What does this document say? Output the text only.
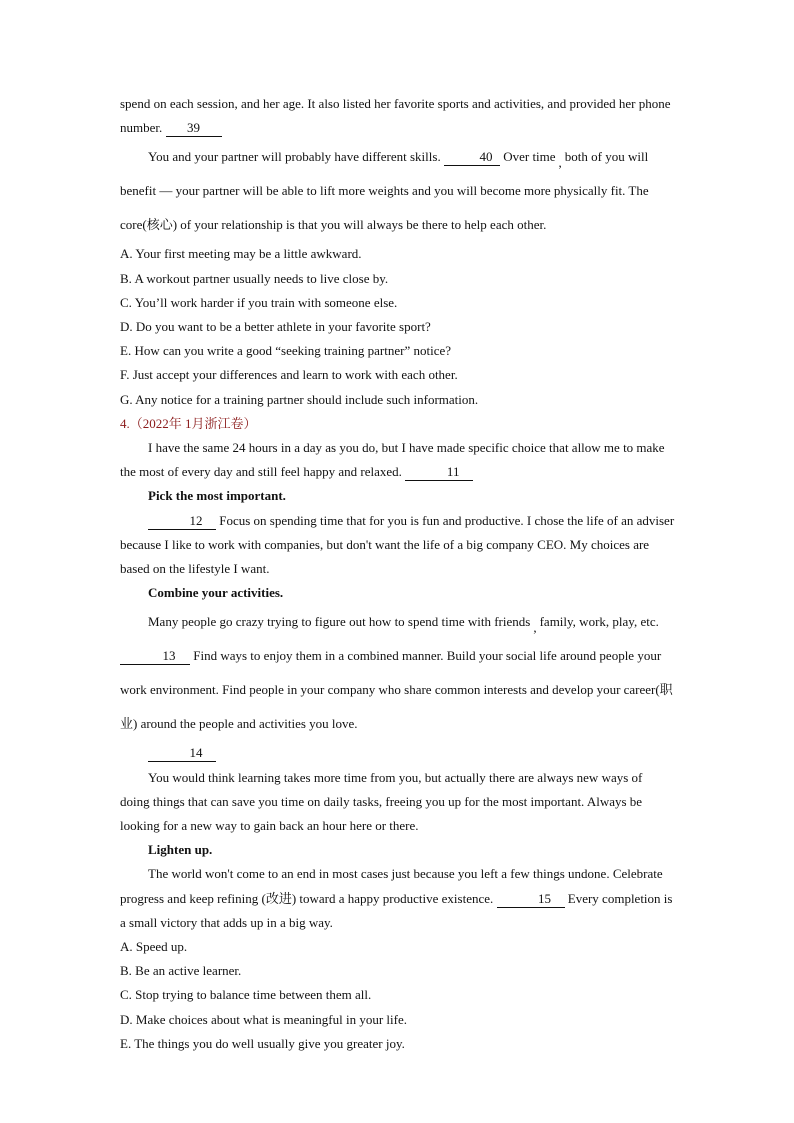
spend on each session, and her age. It also listed her favorite sports and activities, and provided her phone number. 39

You and your partner will probably have different skills.	40 Over time , both of you will benefit — your partner will be able to lift more weights and you will become more physically fit. The core(核心) of your relationship is that you will always be there to help each other.

A. Your first meeting may be a little awkward.

B. A workout partner usually needs to live close by.

C. You’ll work harder if you train with someone else.

D. Do you want to be a better athlete in your favorite sport?

E. How can you write a good “seeking training partner” notice?

F. Just accept your differences and learn to work with each other.

G. Any notice for a training partner should include such information.

4.（2022年 1月浙江卷）

I have the same 24 hours in a day as you do, but I have made specific choice that allow me to make the most of every day and still feel happy and relaxed.	11

Pick the most important.

12 Focus on spending time that for you is fun and productive. I chose the life of an adviser because I like to work with companies, but don't want the life of a big company CEO. My choices are based on the lifestyle I want.

Combine your activities.

Many people go crazy trying to figure out how to spend time with friends , family, work, play, etc. 13 Find ways to enjoy them in a combined manner. Build your social life around people your work environment. Find people in your company who share common interests and develop your career(职业) around the people and activities you love.

14

You would think learning takes more time from you, but actually there are always new ways of doing things that can save you time on daily tasks, freeing you up for the most important. Always be looking for a new way to gain back an hour here or there.

Lighten up.

The world won't come to an end in most cases just because you left a few things undone. Celebrate progress and keep refining (改进) toward a happy productive existence.	15 Every completion is a small victory that adds up in a big way.

A. Speed up.

B. Be an active learner.

C. Stop trying to balance time between them all.

D. Make choices about what is meaningful in your life.

E. The things you do well usually give you greater joy.
